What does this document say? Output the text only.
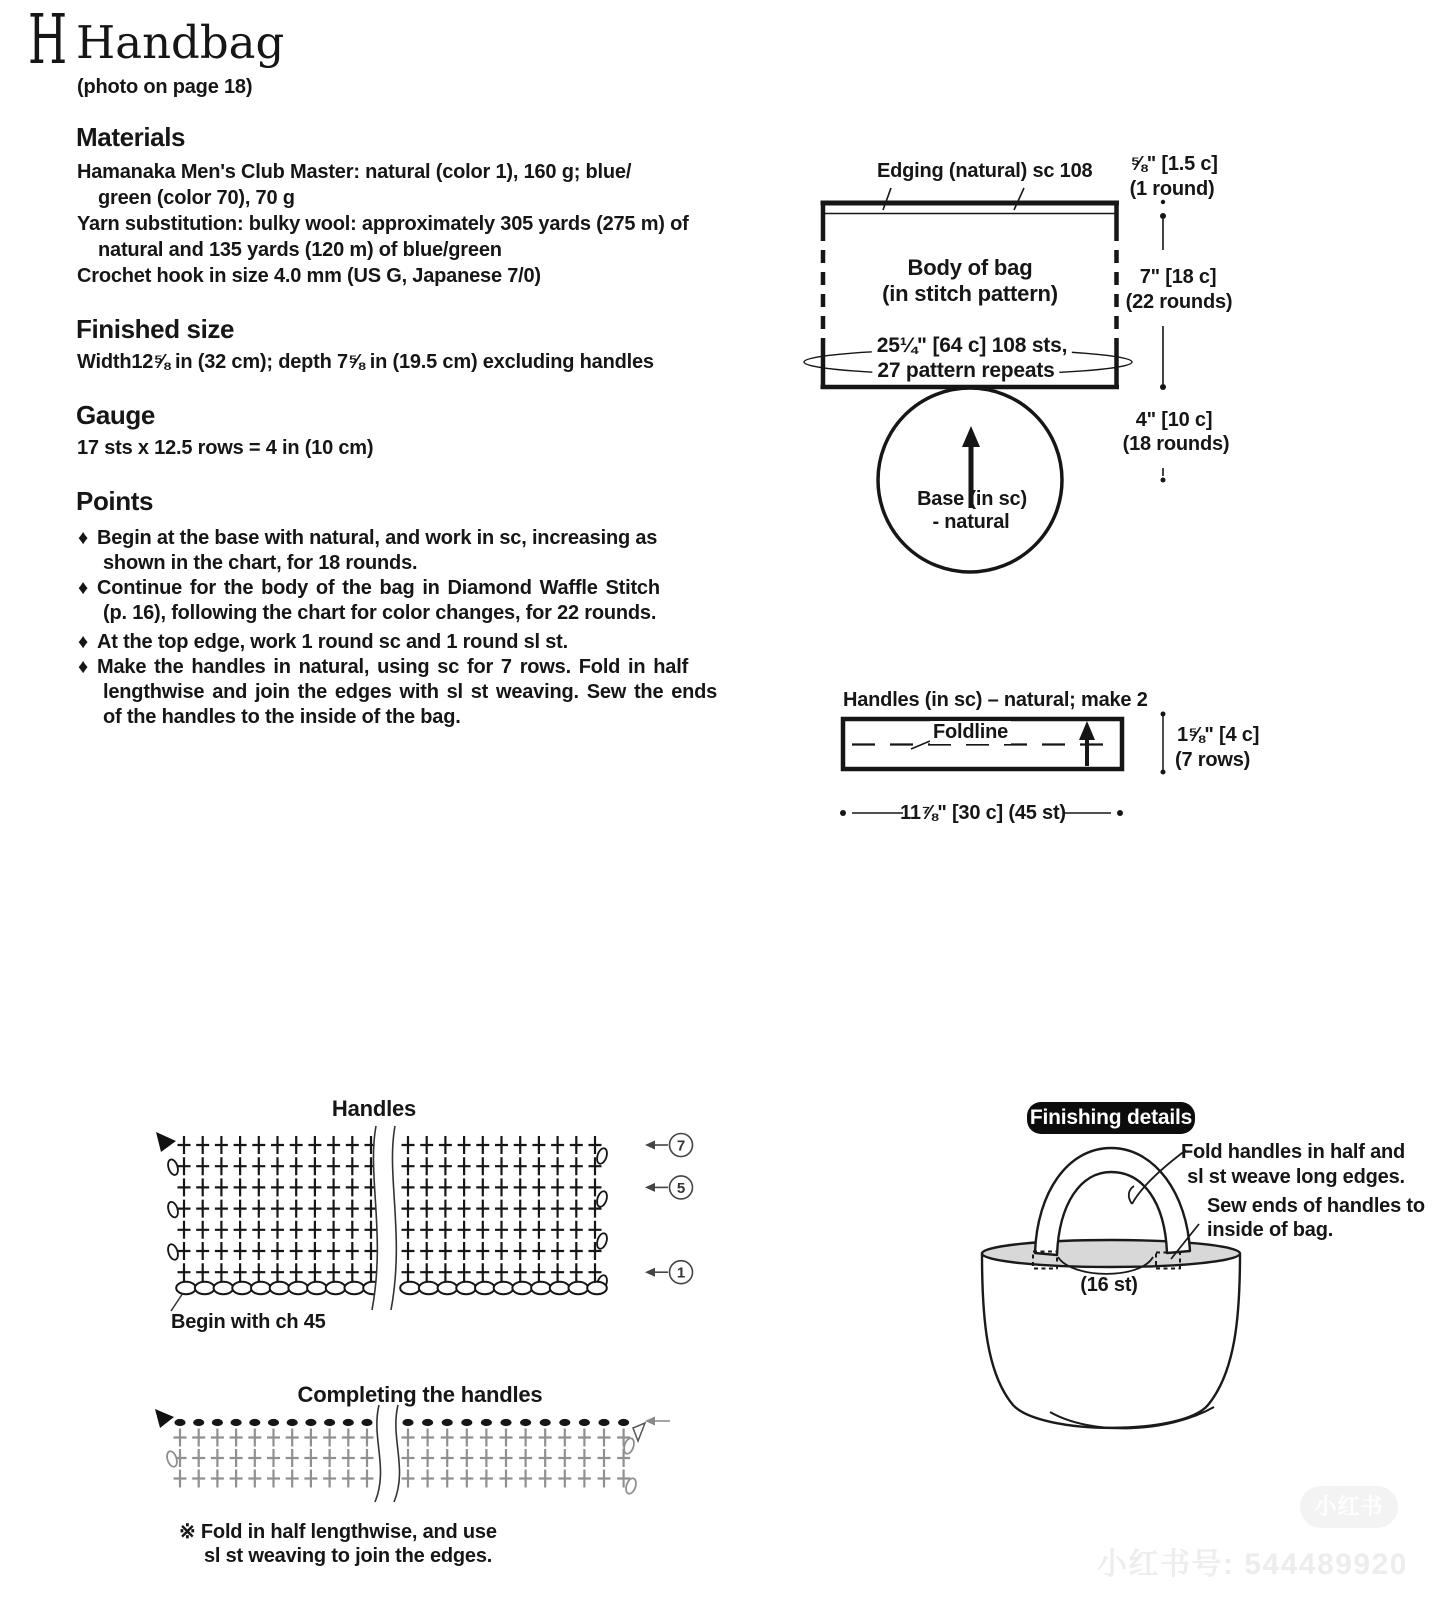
7
5
1
H Handbag
(photo on page 18)
Materials
Hamanaka Men's Club Master: natural (color 1), 160 g; blue/
green (color 70), 70 g
Yarn substitution: bulky wool: approximately 305 yards (275 m) of
natural and 135 yards (120 m) of blue/green
Crochet hook in size 4.0 mm (US G, Japanese 7/0)
Finished size
Width12⅝ in (32 cm); depth 7⅝ in (19.5 cm) excluding handles
Gauge
17 sts x 12.5 rows = 4 in (10 cm)
Points
♦ Begin at the base with natural, and work in sc, increasing as
shown in the chart, for 18 rounds.
♦ Continue for the body of the bag in Diamond Waffle Stitch
(p. 16), following the chart for color changes, for 22 rounds.
♦ At the top edge, work 1 round sc and 1 round sl st.
♦ Make the handles in natural, using sc for 7 rows. Fold in half
lengthwise and join the edges with sl st weaving. Sew the ends
of the handles to the inside of the bag.
Edging (natural) sc 108
Body of bag
(in stitch pattern)
25¼" [64 c] 108 sts,
27 pattern repeats
Base (in sc)
- natural
⅝" [1.5 c]
(1 round)
7" [18 c]
(22 rounds)
4" [10 c]
(18 rounds)
Handles (in sc) – natural; make 2
Foldline	1⅝" [4 c]
(7 rows)
11⅞" [30 c] (45 st)
Handles
Begin with ch 45
Completing the handles
※ Fold in half lengthwise, and use
sl st weaving to join the edges.
Finishing details
Fold handles in half and
sl st weave long edges.
Sew ends of handles to
inside of bag.
(16 st)
小红书
小红书号: 544489920
